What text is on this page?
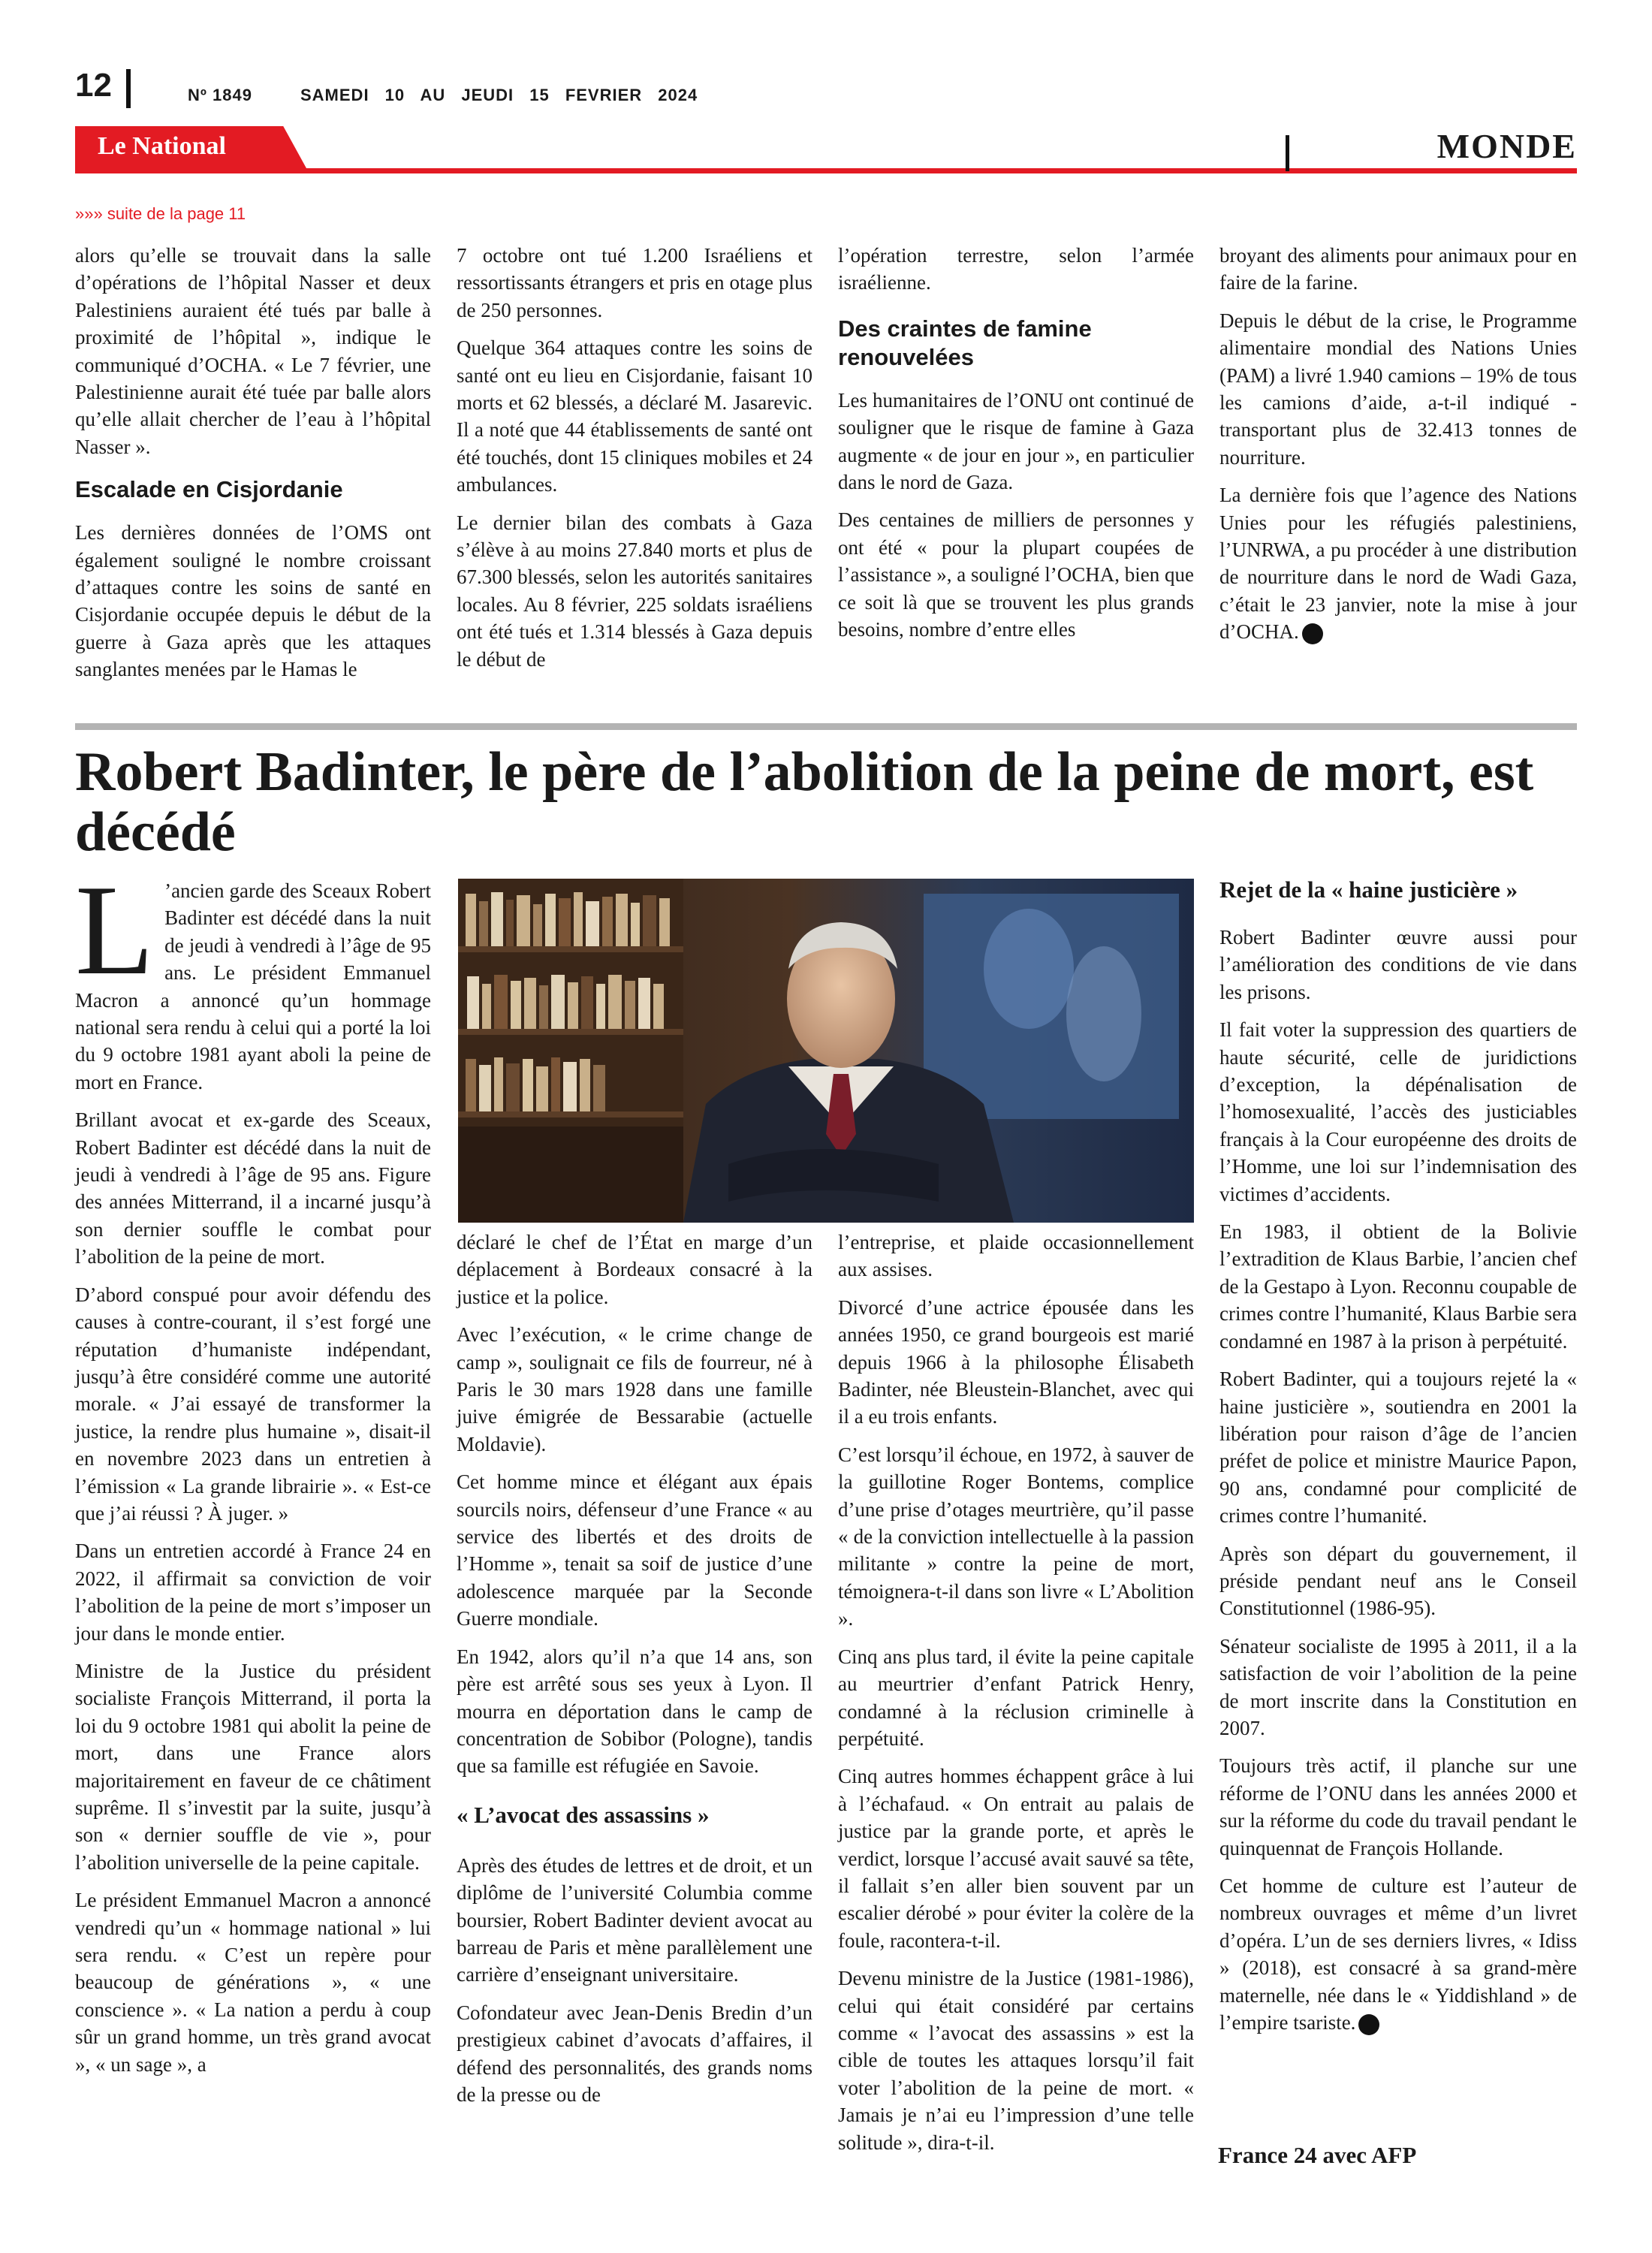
12	Nº 1849	SAMEDI 10 AU JEUDI 15 FEVRIER 2024
Le National	MONDE
»»» suite de la page 11

alors qu’elle se trouvait dans la salle d’opérations de l’hôpital Nasser et deux Palestiniens auraient été tués par balle à proximité de l’hôpital », indique le communiqué d’OCHA. « Le 7 février, une Palestinienne aurait été tuée par balle alors qu’elle allait chercher de l’eau à l’hôpital Nasser ».

Escalade en Cisjordanie

Les dernières données de l’OMS ont également souligné le nombre croissant d’attaques contre les soins de santé en Cisjordanie occupée depuis le début de la guerre à Gaza après que les attaques sanglantes menées par le Hamas le

7 octobre ont tué 1.200 Israéliens et ressortissants étrangers et pris en otage plus de 250 personnes.

Quelque 364 attaques contre les soins de santé ont eu lieu en Cisjordanie, faisant 10 morts et 62 blessés, a déclaré M. Jasarevic. Il a noté que 44 établissements de santé ont été touchés, dont 15 cliniques mobiles et 24 ambulances.

Le dernier bilan des combats à Gaza s’élève à au moins 27.840 morts et plus de 67.300 blessés, selon les autorités sanitaires locales. Au 8 février, 225 soldats israéliens ont été tués et 1.314 blessés à Gaza depuis le début de

l’opération terrestre, selon l’armée israélienne.

Des craintes de famine renouvelées

Les humanitaires de l’ONU ont continué de souligner que le risque de famine à Gaza augmente « de jour en jour », en particulier dans le nord de Gaza.

Des centaines de milliers de personnes y ont été « pour la plupart coupées de l’assistance », a souligné l’OCHA, bien que ce soit là que se trouvent les plus grands besoins, nombre d’entre elles

broyant des aliments pour animaux pour en faire de la farine.

Depuis le début de la crise, le Programme alimentaire mondial des Nations Unies (PAM) a livré 1.940 camions – 19% de tous les camions d’aide, a-t-il indiqué - transportant plus de 32.413 tonnes de nourriture.

La dernière fois que l’agence des Nations Unies pour les réfugiés palestiniens, l’UNRWA, a pu procéder à une distribution de nourriture dans le nord de Wadi Gaza, c’était le 23 janvier, note la mise à jour d’OCHA.

Robert Badinter, le père de l’abolition de la peine de mort, est décédé

L ’ancien garde des Sceaux Robert Badinter est décédé dans la nuit de jeudi à vendredi à l’âge de 95 ans. Le président Emmanuel Macron a annoncé qu’un hommage national sera rendu à celui qui a porté la loi du 9 octobre 1981 ayant aboli la peine de mort en France.

Brillant avocat et ex-garde des Sceaux, Robert Badinter est décédé dans la nuit de jeudi à vendredi à l’âge de 95 ans. Figure des années Mitterrand, il a incarné jusqu’à son dernier souffle le combat pour l’abolition de la peine de mort.

D’abord conspué pour avoir défendu des causes à contre-courant, il s’est forgé une réputation d’humaniste indépendant, jusqu’à être considéré comme une autorité morale. « J’ai essayé de transformer la justice, la rendre plus humaine », disait-il en novembre 2023 dans un entretien à l’émission « La grande librairie ». « Est-ce que j’ai réussi ? À juger. »

Dans un entretien accordé à France 24 en 2022, il affirmait sa conviction de voir l’abolition de la peine de mort s’imposer un jour dans le monde entier.

Ministre de la Justice du président socialiste François Mitterrand, il porta la loi du 9 octobre 1981 qui abolit la peine de mort, dans une France alors majoritairement en faveur de ce châtiment suprême. Il s’investit par la suite, jusqu’à son « dernier souffle de vie », pour l’abolition universelle de la peine capitale.

Le président Emmanuel Macron a annoncé vendredi qu’un « hommage national » lui sera rendu. « C’est un repère pour beaucoup de générations », « une conscience ». « La nation a perdu à coup sûr un grand homme, un très grand avocat », « un sage », a

déclaré le chef de l’État en marge d’un déplacement à Bordeaux consacré à la justice et la police.

Avec l’exécution, « le crime change de camp », soulignait ce fils de fourreur, né à Paris le 30 mars 1928 dans une famille juive émigrée de Bessarabie (actuelle Moldavie).

Cet homme mince et élégant aux épais sourcils noirs, défenseur d’une France « au service des libertés et des droits de l’Homme », tenait sa soif de justice d’une adolescence marquée par la Seconde Guerre mondiale.

En 1942, alors qu’il n’a que 14 ans, son père est arrêté sous ses yeux à Lyon. Il mourra en déportation dans le camp de concentration de Sobibor (Pologne), tandis que sa famille est réfugiée en Savoie.

« L’avocat des assassins »

Après des études de lettres et de droit, et un diplôme de l’université Columbia comme boursier, Robert Badinter devient avocat au barreau de Paris et mène parallèlement une carrière d’enseignant universitaire.

Cofondateur avec Jean-Denis Bredin d’un prestigieux cabinet d’avocats d’affaires, il défend des personnalités, des grands noms de la presse ou de

l’entreprise, et plaide occasionnellement aux assises.

Divorcé d’une actrice épousée dans les années 1950, ce grand bourgeois est marié depuis 1966 à la philosophe Élisabeth Badinter, née Bleustein-Blanchet, avec qui il a eu trois enfants.

C’est lorsqu’il échoue, en 1972, à sauver de la guillotine Roger Bontems, complice d’une prise d’otages meurtrière, qu’il passe « de la conviction intellectuelle à la passion militante » contre la peine de mort, témoignera-t-il dans son livre « L’Abolition ».

Cinq ans plus tard, il évite la peine capitale au meurtrier d’enfant Patrick Henry, condamné à la réclusion criminelle à perpétuité.

Cinq autres hommes échappent grâce à lui à l’échafaud. « On entrait au palais de justice par la grande porte, et après le verdict, lorsque l’accusé avait sauvé sa tête, il fallait s’en aller bien souvent par un escalier dérobé » pour éviter la colère de la foule, racontera-t-il.

Devenu ministre de la Justice (1981-1986), celui qui était considéré par certains comme « l’avocat des assassins » est la cible de toutes les attaques lorsqu’il fait voter l’abolition de la peine de mort. « Jamais je n’ai eu l’impression d’une telle solitude », dira-t-il.

Rejet de la « haine justicière »

Robert Badinter œuvre aussi pour l’amélioration des conditions de vie dans les prisons.

Il fait voter la suppression des quartiers de haute sécurité, celle de juridictions d’exception, la dépénalisation de l’homosexualité, l’accès des justiciables français à la Cour européenne des droits de l’Homme, une loi sur l’indemnisation des victimes d’accidents.

En 1983, il obtient de la Bolivie l’extradition de Klaus Barbie, l’ancien chef de la Gestapo à Lyon. Reconnu coupable de crimes contre l’humanité, Klaus Barbie sera condamné en 1987 à la prison à perpétuité.

Robert Badinter, qui a toujours rejeté la « haine justicière », soutiendra en 2001 la libération pour raison d’âge de l’ancien préfet de police et ministre Maurice Papon, 90 ans, condamné pour complicité de crimes contre l’humanité.

Après son départ du gouvernement, il préside pendant neuf ans le Conseil Constitutionnel (1986-95).

Sénateur socialiste de 1995 à 2011, il a la satisfaction de voir l’abolition de la peine de mort inscrite dans la Constitution en 2007.

Toujours très actif, il planche sur une réforme de l’ONU dans les années 2000 et sur la réforme du code du travail pendant le quinquennat de François Hollande.

Cet homme de culture est l’auteur de nombreux ouvrages et même d’un livret d’opéra. L’un de ses derniers livres, « Idiss » (2018), est consacré à sa grand-mère maternelle, née dans le « Yiddishland » de l’empire tsariste.

France 24 avec AFP
